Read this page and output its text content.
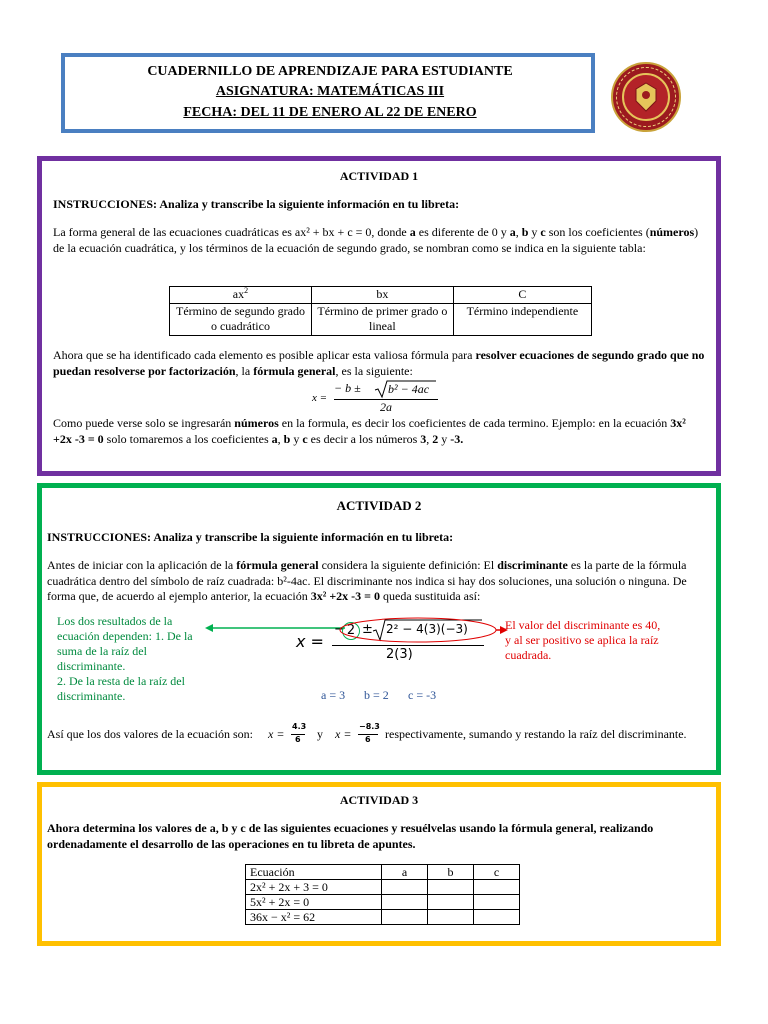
CUADERNILLO DE APRENDIZAJE PARA ESTUDIANTE
ASIGNATURA: MATEMÁTICAS III
FECHA: DEL 11 DE ENERO AL 22 DE ENERO
ACTIVIDAD 1
INSTRUCCIONES: Analiza y transcribe la siguiente información en tu libreta:
La forma general de las ecuaciones cuadráticas es ax² + bx + c = 0, donde a es diferente de 0 y a, b y c son los coeficientes (números) de la ecuación cuadrática, y los términos de la ecuación de segundo grado, se nombran como se indica en la siguiente tabla:
$ax^2$	bx	C
Término de segundo grado o cuadrático	Término de primer grado o lineal	Término independiente
Ahora que se ha identificado cada elemento es posible aplicar esta valiosa fórmula para resolver ecuaciones de segundo grado que no puedan resolverse por factorización, la fórmula general, es la siguiente:
x =
− b ± b² − 4ac
2a
Como puede verse solo se ingresarán números en la formula, es decir los coeficientes de cada termino. Ejemplo: en la ecuación 3x² +2x -3 = 0 solo tomaremos a los coeficientes a, b y c es decir a los números 3, 2 y -3.
ACTIVIDAD 2
INSTRUCCIONES: Analiza y transcribe la siguiente información en tu libreta:
Antes de iniciar con la aplicación de la fórmula general considera la siguiente definición: El discriminante es la parte de la fórmula cuadrática dentro del símbolo de raíz cuadrada: b²-4ac. El discriminante nos indica si hay dos soluciones, una solución o ninguna. De forma que, de acuerdo al ejemplo anterior, la ecuación 3x² +2x -3 = 0 queda sustituida así:
Los dos resultados de la ecuación dependen: 1. De la suma de la raíz del discriminante.
2. De la resta de la raíz del discriminante.
x =
− 2 ± 2² − 4(3)(−3)
2(3)
El valor del discriminante es 40, y al ser positivo se aplica la raíz cuadrada.
a = 3 b = 2 c = -3
Así que los dos valores de la ecuación son: x =
4.3
6 y x =
−8.3
6 respectivamente, sumando y restando la raíz del discriminante.
ACTIVIDAD 3
Ahora determina los valores de a, b y c de las siguientes ecuaciones y resuélvelas usando la fórmula general, realizando ordenadamente el desarrollo de las operaciones en tu libreta de apuntes.
Ecuación	a	b	c
2x² + 2x + 3 = 0			
5x² + 2x = 0			
36x − x² = 62			
